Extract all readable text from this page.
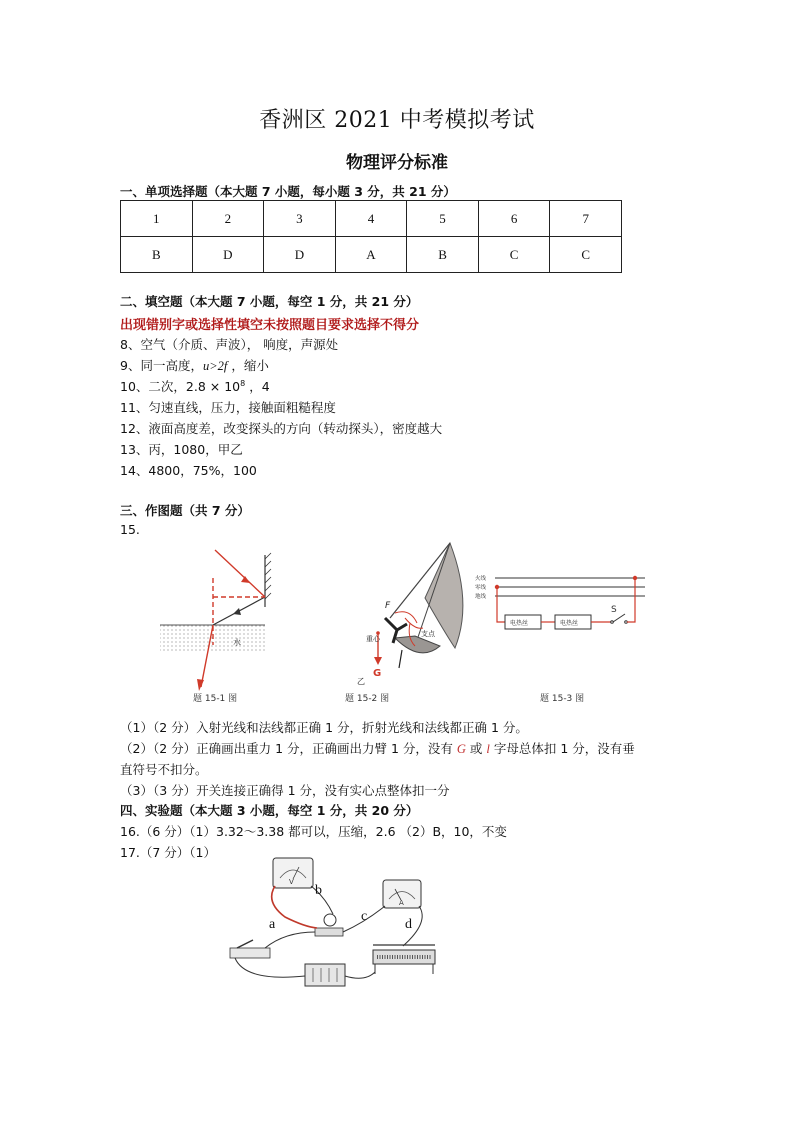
香洲区 2021 中考模拟考试
物理评分标准
一、单项选择题（本大题 7 小题，每小题 3 分，共 21 分）
1	2	3	4	5	6	7
B	D	D	A	B	C	C
二、填空题（本大题 7 小题，每空 1 分，共 21 分）
出现错别字或选择性填空未按照题目要求选择不得分
8、空气（介质、声波）， 响度，声源处
9、同一高度，u>2f ，缩小
10、二次，$2.8 \times 10^8$ ，4
11、匀速直线，压力，接触面粗糙程度
12、液面高度差，改变探头的方向（转动探头），密度越大
13、丙，1080，甲乙
14、4800，75%，100
三、作图题（共 7 分）
15.
水
题 15-1 图
F
重心
支点
G
乙
题 15-2 图
火线
零线
地线
电热丝	电热丝
S
题 15-3 图
（1）（2 分）入射光线和法线都正确 1 分，折射光线和法线都正确 1 分。
（2）（2 分）正确画出重力 1 分，正确画出力臂 1 分，没有 G 或 l 字母总体扣 1 分，没有垂
直符号不扣分。
（3）（3 分）开关连接正确得 1 分，没有实心点整体扣一分
四、实验题（本大题 3 小题，每空 1 分，共 20 分）
16.（6 分）（1）3.32～3.38 都可以，压缩，2.6 （2）B，10，不变
17.（7 分）（1）
V
A
a
b
c
d
